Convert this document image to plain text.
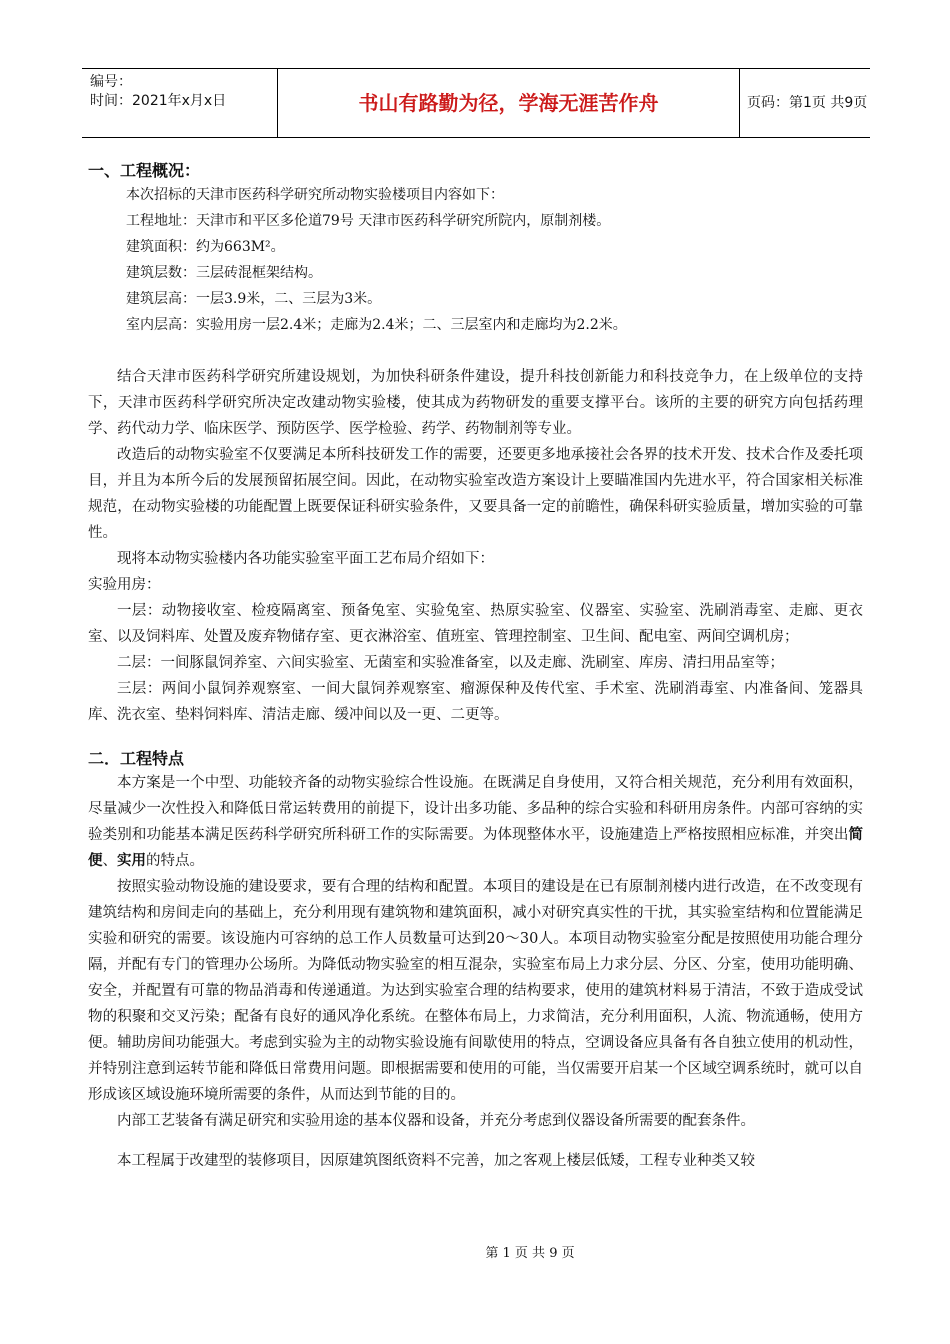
编号：
时间：2021年x月x日	书山有路勤为径，学海无涯苦作舟	页码：第1页 共9页
一、工程概况：
本次招标的天津市医药科学研究所动物实验楼项目内容如下：
工程地址：天津市和平区多伦道79号 天津市医药科学研究所院内，原制剂楼。
建筑面积：约为663M²。
建筑层数：三层砖混框架结构。
建筑层高：一层3.9米，二、三层为3米。
室内层高：实验用房一层2.4米；走廊为2.4米；二、三层室内和走廊均为2.2米。

结合天津市医药科学研究所建设规划，为加快科研条件建设，提升科技创新能力和科技竞争力，在上级单位的支持下，天津市医药科学研究所决定改建动物实验楼，使其成为药物研发的重要支撑平台。该所的主要的研究方向包括药理学、药代动力学、临床医学、预防医学、医学检验、药学、药物制剂等专业。

改造后的动物实验室不仅要满足本所科技研发工作的需要，还要更多地承接社会各界的技术开发、技术合作及委托项目，并且为本所今后的发展预留拓展空间。因此，在动物实验室改造方案设计上要瞄准国内先进水平，符合国家相关标准规范，在动物实验楼的功能配置上既要保证科研实验条件，又要具备一定的前瞻性，确保科研实验质量，增加实验的可靠性。

现将本动物实验楼内各功能实验室平面工艺布局介绍如下：

实验用房：

一层：动物接收室、检疫隔离室、预备兔室、实验兔室、热原实验室、仪器室、实验室、洗刷消毒室、走廊、更衣室、以及饲料库、处置及废弃物储存室、更衣淋浴室、值班室、管理控制室、卫生间、配电室、两间空调机房；

二层：一间豚鼠饲养室、六间实验室、无菌室和实验准备室，以及走廊、洗刷室、库房、清扫用品室等；

三层：两间小鼠饲养观察室、一间大鼠饲养观察室、瘤源保种及传代室、手术室、洗刷消毒室、内准备间、笼器具库、洗衣室、垫料饲料库、清洁走廊、缓冲间以及一更、二更等。

二．工程特点

本方案是一个中型、功能较齐备的动物实验综合性设施。在既满足自身使用，又符合相关规范，充分利用有效面积，尽量减少一次性投入和降低日常运转费用的前提下，设计出多功能、多品种的综合实验和科研用房条件。内部可容纳的实验类别和功能基本满足医药科学研究所科研工作的实际需要。为体现整体水平，设施建造上严格按照相应标准，并突出简便、实用的特点。

按照实验动物设施的建设要求，要有合理的结构和配置。本项目的建设是在已有原制剂楼内进行改造，在不改变现有建筑结构和房间走向的基础上，充分利用现有建筑物和建筑面积，减小对研究真实性的干扰，其实验室结构和位置能满足实验和研究的需要。该设施内可容纳的总工作人员数量可达到20～30人。本项目动物实验室分配是按照使用功能合理分隔，并配有专门的管理办公场所。为降低动物实验室的相互混杂，实验室布局上力求分层、分区、分室，使用功能明确、安全，并配置有可靠的物品消毒和传递通道。为达到实验室合理的结构要求，使用的建筑材料易于清洁，不致于造成受试物的积聚和交叉污染；配备有良好的通风净化系统。在整体布局上，力求简洁，充分利用面积，人流、物流通畅，使用方便。辅助房间功能强大。考虑到实验为主的动物实验设施有间歇使用的特点，空调设备应具备有各自独立使用的机动性，并特别注意到运转节能和降低日常费用问题。即根据需要和使用的可能，当仅需要开启某一个区域空调系统时，就可以自形成该区域设施环境所需要的条件，从而达到节能的目的。

内部工艺装备有满足研究和实验用途的基本仪器和设备，并充分考虑到仪器设备所需要的配套条件。

本工程属于改建型的装修项目，因原建筑图纸资料不完善，加之客观上楼层低矮，工程专业种类又较

第 1 页 共 9 页
